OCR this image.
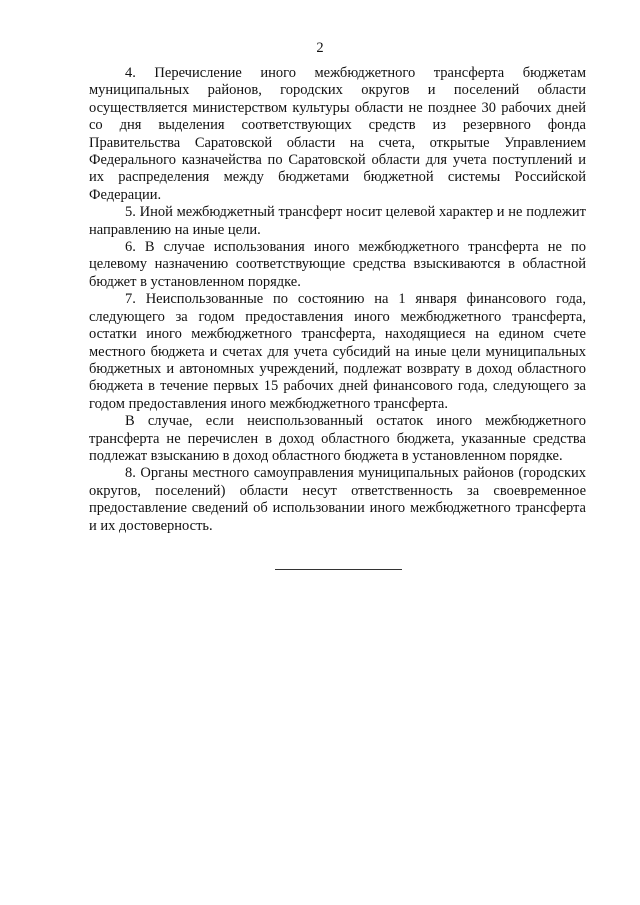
2

4. Перечисление иного межбюджетного трансферта бюджетам муниципальных районов, городских округов и поселений области осуществляется министерством культуры области не позднее 30 рабочих дней со дня выделения соответствующих средств из резервного фонда Правительства Саратовской области на счета, открытые Управлением Федерального казначейства по Саратовской области для учета поступлений и их распределения между бюджетами бюджетной системы Российской Федерации.

5. Иной межбюджетный трансферт носит целевой характер и не подлежит направлению на иные цели.

6. В случае использования иного межбюджетного трансферта не по целевому назначению соответствующие средства взыскиваются в областной бюджет в установленном порядке.

7. Неиспользованные по состоянию на 1 января финансового года, следующего за годом предоставления иного межбюджетного трансферта, остатки иного межбюджетного трансферта, находящиеся на едином счете местного бюджета и счетах для учета субсидий на иные цели муниципальных бюджетных и автономных учреждений, подлежат возврату в доход областного бюджета в течение первых 15 рабочих дней финансового года, следующего за годом предоставления иного межбюджетного трансферта.

В случае, если неиспользованный остаток иного межбюджетного трансферта не перечислен в доход областного бюджета, указанные средства подлежат взысканию в доход областного бюджета в установленном порядке.

8. Органы местного самоуправления муниципальных районов (городских округов, поселений) области несут ответственность за своевременное предоставление сведений об использовании иного межбюджетного трансферта и их достоверность.
